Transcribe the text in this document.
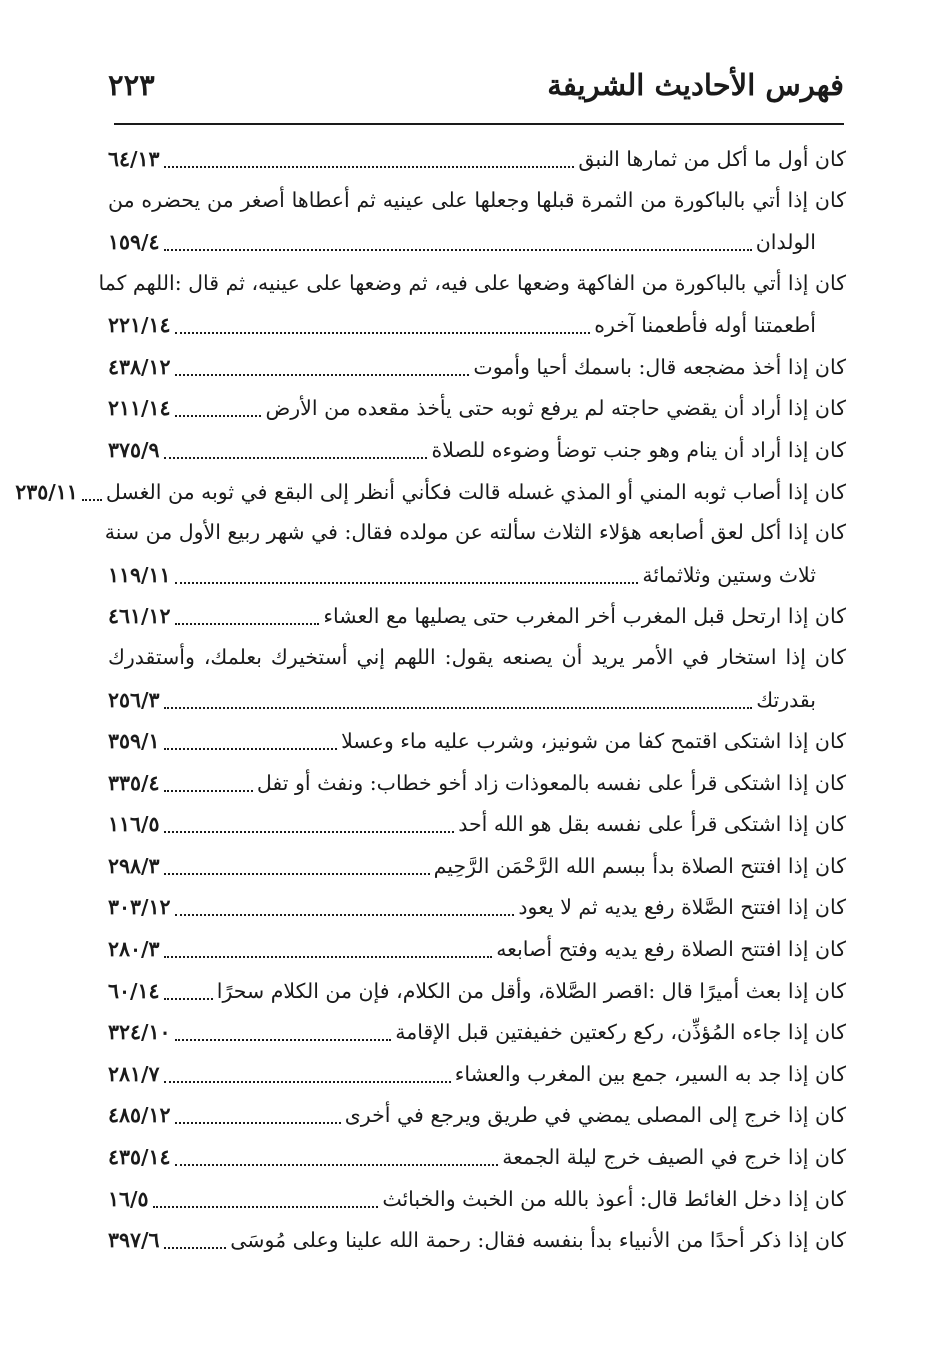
فهرس الأحاديث الشريفة
٢٢٣
كان أول ما أكل من ثمارها النبق
٦٤/١٣
كان إذا أتي بالباكورة من الثمرة قبلها وجعلها على عينيه ثم أعطاها أصغر من يحضره من
الولدان
١٥٩/٤
كان إذا أتي بالباكورة من الفاكهة وضعها على فيه، ثم وضعها على عينيه، ثم قال :اللهم كما
أطعمتنا أوله فأطعمنا آخره
٢٢١/١٤
كان إذا أخذ مضجعه قال: باسمك أحيا وأموت
٤٣٨/١٢
كان إذا أراد أن يقضي حاجته لم يرفع ثوبه حتى يأخذ مقعده من الأرض
٢١١/١٤
كان إذا أراد أن ينام وهو جنب توضأ وضوءه للصلاة
٣٧٥/٩
كان إذا أصاب ثوبه المني أو المذي غسله قالت فكأني أنظر إلى البقع في ثوبه من الغسل
٢٣٥/١١
كان إذا أكل لعق أصابعه هؤلاء الثلاث سألته عن مولده فقال: في شهر ربيع الأول من سنة
ثلاث وستين وثلاثمائة
١١٩/١١
كان إذا ارتحل قبل المغرب أخر المغرب حتى يصليها مع العشاء
٤٦١/١٢
كان إذا استخار في الأمر يريد أن يصنعه يقول: اللهم إني أستخيرك بعلمك، وأستقدرك
بقدرتك
٢٥٦/٣
كان إذا اشتكى اقتمح كفا من شونيز، وشرب عليه ماء وعسلا
٣٥٩/١
كان إذا اشتكى قرأ على نفسه بالمعوذات زاد أخو خطاب: ونفث أو تفل
٣٣٥/٤
كان إذا اشتكى قرأ على نفسه بقل هو الله أحد
١١٦/٥
كان إذا افتتح الصلاة بدأ ببسم الله الرَّحْمَن الرَّحِيم
٢٩٨/٣
كان إذا افتتح الصَّلاة رفع يديه ثم لا يعود
٣٠٣/١٢
كان إذا افتتح الصلاة رفع يديه وفتح أصابعه
٢٨٠/٣
كان إذا بعث أميرًا قال :اقصر الصَّلاة، وأقل من الكلام، فإن من الكلام سحرًا
٦٠/١٤
كان إذا جاءه المُؤذِّن، ركع ركعتين خفيفتين قبل الإقامة
٣٢٤/١٠
كان إذا جد به السير، جمع بين المغرب والعشاء
٢٨١/٧
كان إذا خرج إلى المصلى يمضي في طريق ويرجع في أخرى
٤٨٥/١٢
كان إذا خرج في الصيف خرج ليلة الجمعة
٤٣٥/١٤
كان إذا دخل الغائط قال: أعوذ بالله من الخبث والخبائث
١٦/٥
كان إذا ذكر أحدًا من الأنبياء بدأ بنفسه فقال: رحمة الله علينا وعلى مُوسَى
٣٩٧/٦
